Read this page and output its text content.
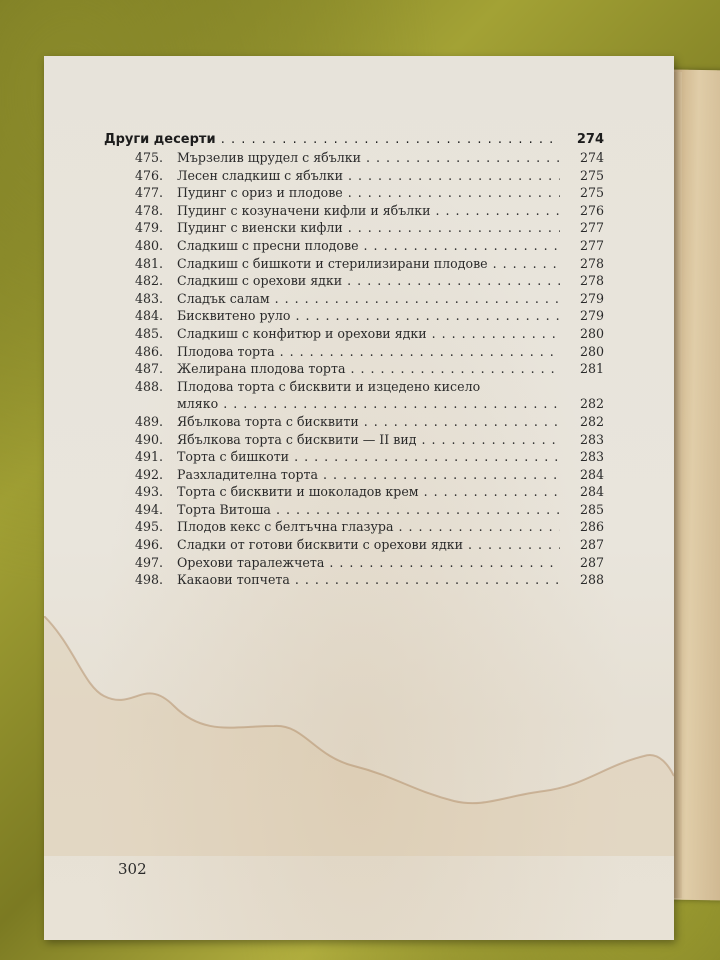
Други десерти . . .	274
475.	Мързелив щрудел с ябълки . . .	274
476.	Лесен сладкиш с ябълки . . .	275
477.	Пудинг с ориз и плодове . . .	275
478.	Пудинг с козуначени кифли и ябълки . . .	276
479.	Пудинг с виенски кифли . . .	277
480.	Сладкиш с пресни плодове . . .	277
481.	Сладкиш с бишкоти и стерилизирани плодове . . .	278
482.	Сладкиш с орехови ядки . . .	278
483.	Сладък салам . . .	279
484.	Бисквитено руло . . .	279
485.	Сладкиш с конфитюр и орехови ядки . . .	280
486.	Плодова торта . . .	280
487.	Желирана плодова торта . . .	281
488.	Плодова торта с бисквити и изцедено кисело
мляко . . .	282
489.	Ябълкова торта с бисквити . . .	282
490.	Ябълкова торта с бисквити — II вид . . .	283
491.	Торта с бишкоти . . .	283
492.	Разхладителна торта . . .	284
493.	Торта с бисквити и шоколадов крем . . .	284
494.	Торта Витоша . . .	285
495.	Плодов кекс с белтъчна глазура . . .	286
496.	Сладки от готови бисквити с орехови ядки . . .	287
497.	Орехови таралежчета . . .	287
498.	Какаови топчета . . .	288
302
